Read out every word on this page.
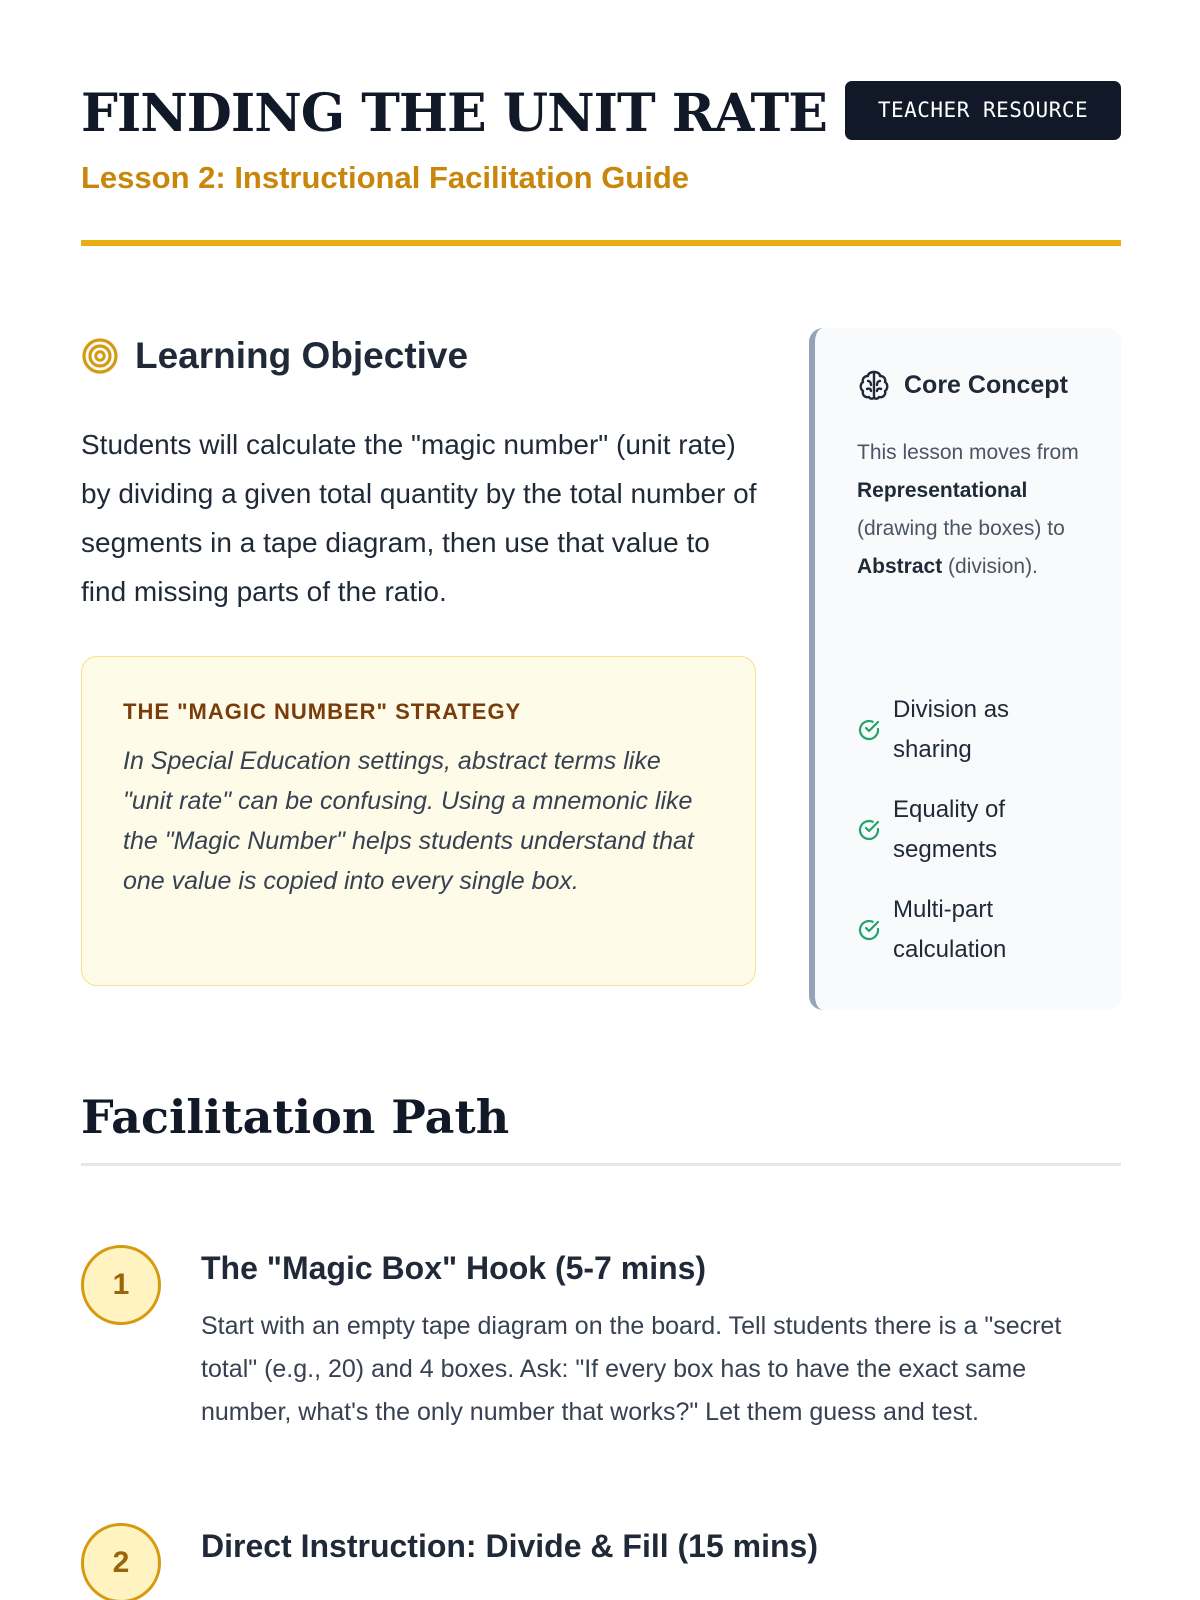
FINDING THE UNIT RATE
Lesson 2: Instructional Facilitation Guide
TEACHER RESOURCE
Learning Objective

Students will calculate the "magic number" (unit rate) by dividing a given total quantity by the total number of segments in a tape diagram, then use that value to find missing parts of the ratio.

THE "MAGIC NUMBER" STRATEGY

In Special Education settings, abstract terms like "unit rate" can be confusing. Using a mnemonic like the "Magic Number" helps students understand that one value is copied into every single box.

Core Concept

This lesson moves from Representational (drawing the boxes) to Abstract (division).

Division as sharing
Equality of segments
Multi-part calculation
Facilitation Path
1	The "Magic Box" Hook (5-7 mins)

Start with an empty tape diagram on the board. Tell students there is a "secret total" (e.g., 20) and 4 boxes. Ask: "If every box has to have the exact same number, what's the only number that works?" Let them guess and test.

2	Direct Instruction: Divide & Fill (15 mins)
